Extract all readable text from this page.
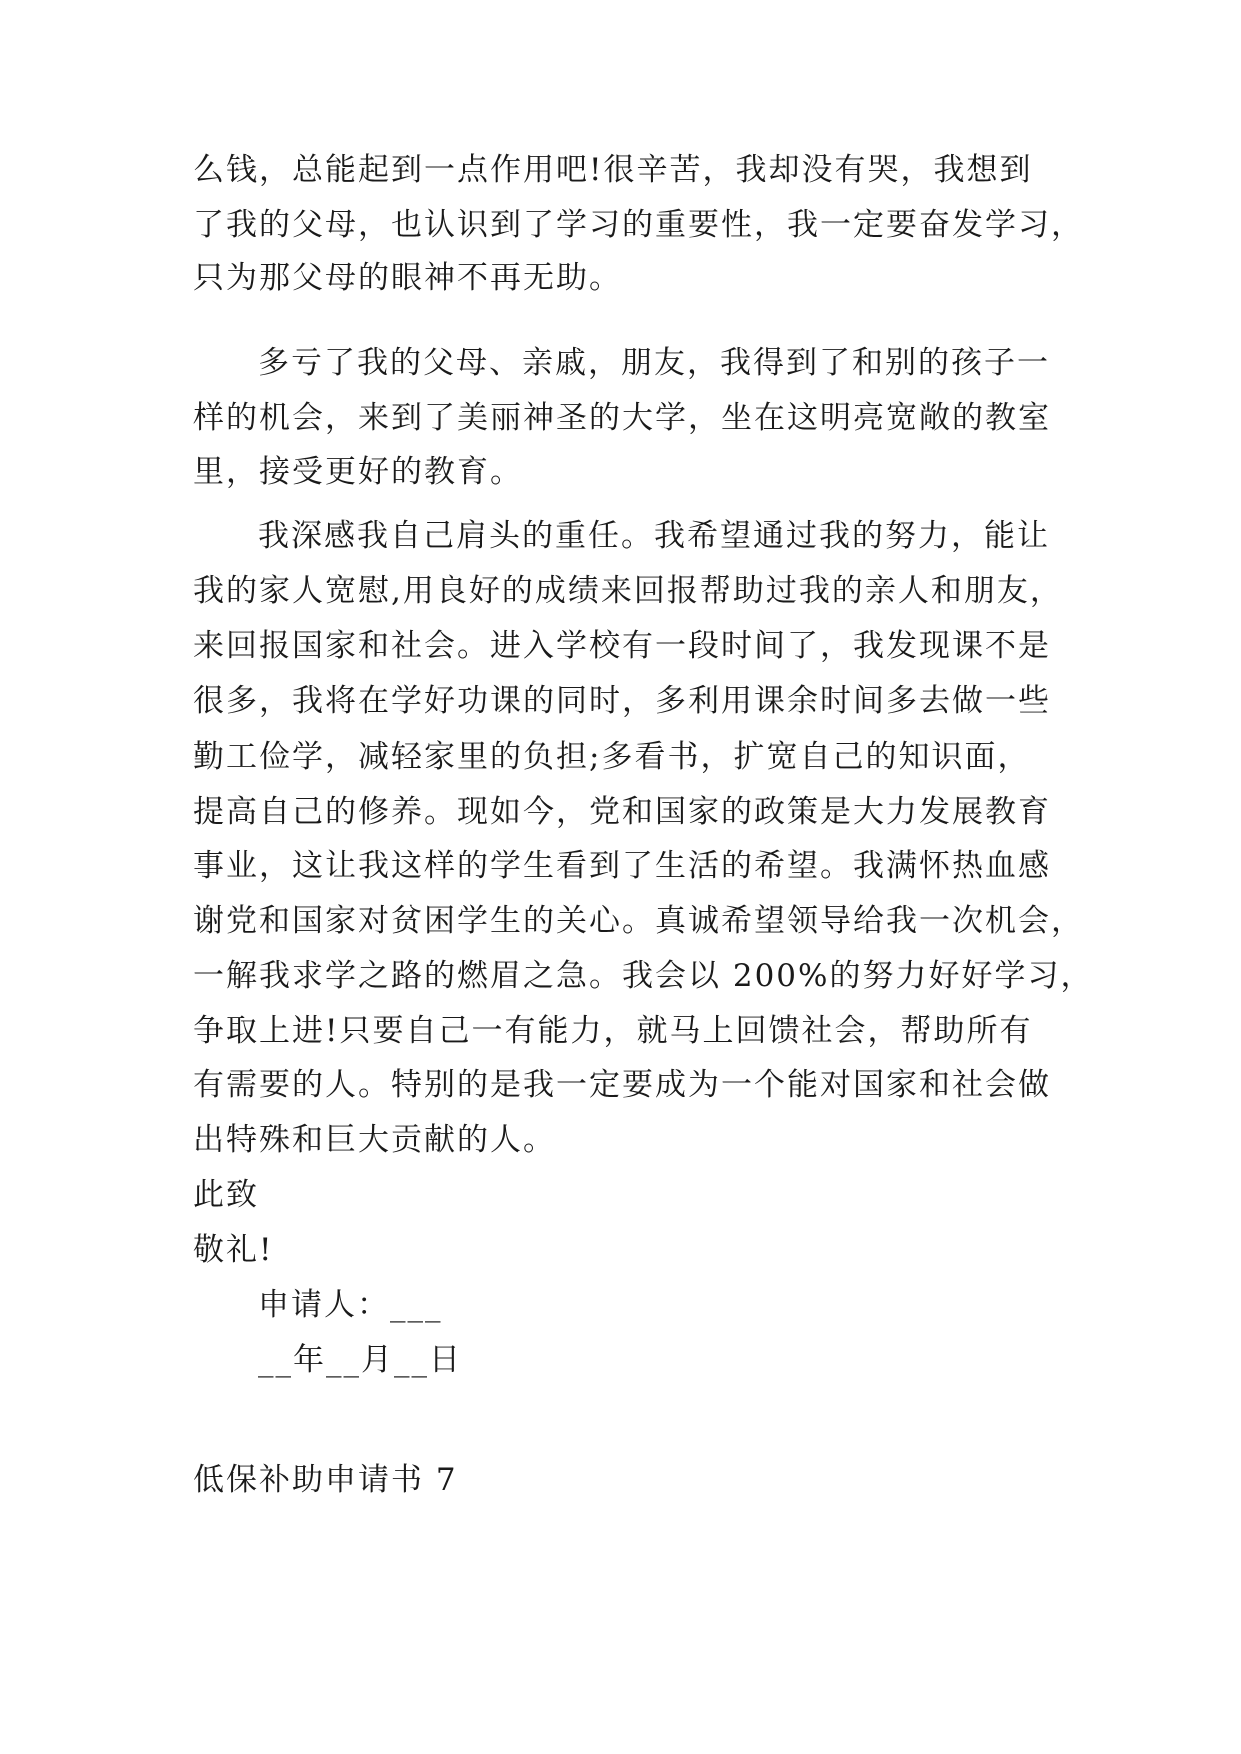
么钱，总能起到一点作用吧!很辛苦，我却没有哭，我想到
了我的父母，也认识到了学习的重要性，我一定要奋发学习，
只为那父母的眼神不再无助。
多亏了我的父母、亲戚，朋友，我得到了和别的孩子一
样的机会，来到了美丽神圣的大学，坐在这明亮宽敞的教室
里，接受更好的教育。
我深感我自己肩头的重任。我希望通过我的努力，能让
我的家人宽慰,用良好的成绩来回报帮助过我的亲人和朋友，
来回报国家和社会。进入学校有一段时间了，我发现课不是
很多，我将在学好功课的同时，多利用课余时间多去做一些
勤工俭学，减轻家里的负担;多看书，扩宽自己的知识面，
提高自己的修养。现如今，党和国家的政策是大力发展教育
事业，这让我这样的学生看到了生活的希望。我满怀热血感
谢党和国家对贫困学生的关心。真诚希望领导给我一次机会，
一解我求学之路的燃眉之急。我会以 200%的努力好好学习，
争取上进!只要自己一有能力，就马上回馈社会，帮助所有
有需要的人。特别的是我一定要成为一个能对国家和社会做
出特殊和巨大贡献的人。
此致
敬礼!
申请人：___
__年__月__日
低保补助申请书 7
